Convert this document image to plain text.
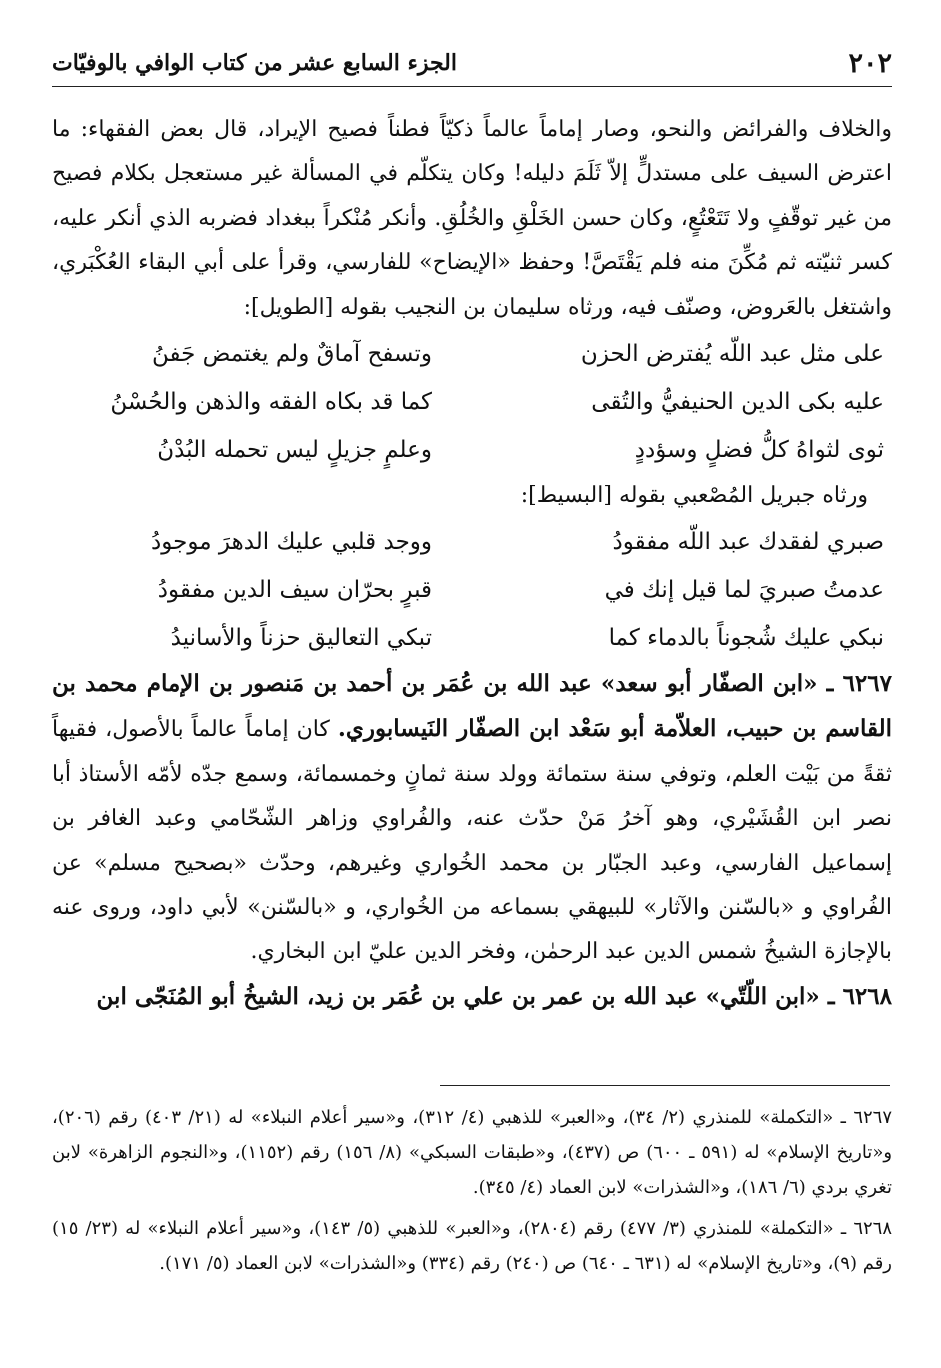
٢٠٢
الجزء السابع عشر من كتاب الوافي بالوفيّات

والخلاف والفرائض والنحو، وصار إماماً عالماً ذكيّاً فطناً فصيح الإيراد، قال بعض الفقهاء: ما اعترض السيف على مستدلٍّ إلاّ ثَلَمَ دليله! وكان يتكلّم في المسألة غير مستعجل بكلام فصيح من غير توقّفٍ ولا تَتَعْتُعٍ، وكان حسن الخَلْقِ والخُلُقِ. وأنكر مُنْكراً ببغداد فضربه الذي أنكر عليه، كسر ثنيّته ثم مُكِّنَ منه فلم يَقْتَصَّ! وحفظ «الإيضاح» للفارسي، وقرأ على أبي البقاء العُكْبَري، واشتغل بالعَروض، وصنّف فيه، ورثاه سليمان بن النجيب بقوله [الطويل]:

على مثل عبد اللّه يُفترض الحزن
وتسفح آماقٌ ولم يغتمض جَفنُ
عليه بكى الدين الحنيفيُّ والتُقى
كما قد بكاه الفقه والذهن والحُسْنُ
ثوى لثواهُ كلُّ فضلٍ وسؤددٍ
وعلمٍ جزيلٍ ليس تحمله البُدْنُ
ورثاه جبريل المُصْعبي بقوله [البسيط]:
صبري لفقدك عبد اللّه مفقودُ
ووجد قلبي عليك الدهرَ موجودُ
عدمتُ صبريَ لما قيل إنك في
قبرٍ بحرّان سيف الدين مفقودُ
نبكي عليك شُجوناً بالدماء كما
تبكي التعاليق حزناً والأسانيدُ

٦٢٦٧ ـ «ابن الصفّار أبو سعد» عبد الله بن عُمَر بن أحمد بن مَنصور بن الإمام محمد بن القاسم بن حبيب، العلاّمة أبو سَعْد ابن الصفّار النَيسابوري. كان إماماً عالماً بالأصول، فقيهاً ثقةً من بَيْت العلم، وتوفي سنة ستمائة وولد سنة ثمانٍ وخمسمائة، وسمع جدّه لأمّه الأستاذ أبا نصر ابن القُشَيْري، وهو آخرُ مَنْ حدّث عنه، والفُراوي وزاهر الشّحّامي وعبد الغافر بن إسماعيل الفارسي، وعبد الجبّار بن محمد الخُواري وغيرهم، وحدّث «بصحيح مسلم» عن الفُراوي و «بالسّنن والآثار» للبيهقي بسماعه من الخُواري، و «بالسّنن» لأبي داود، وروى عنه بالإجازة الشيخُ شمس الدين عبد الرحمٰن، وفخر الدين عليّ ابن البخاري.

٦٢٦٨ ـ «ابن اللّتّي» عبد الله بن عمر بن علي بن عُمَر بن زيد، الشيخُ أبو المُنَجّى ابن

٦٢٦٧ ـ «التكملة» للمنذري (٢/ ٣٤)، و«العبر» للذهبي (٤/ ٣١٢)، و«سير أعلام النبلاء» له (٢١/ ٤٠٣) رقم (٢٠٦)، و«تاريخ الإسلام» له (٥٩١ ـ ٦٠٠) ص (٤٣٧)، و«طبقات السبكي» (٨/ ١٥٦) رقم (١١٥٢)، و«النجوم الزاهرة» لابن تغري بردي (٦/ ١٨٦)، و«الشذرات» لابن العماد (٤/ ٣٤٥).

٦٢٦٨ ـ «التكملة» للمنذري (٣/ ٤٧٧) رقم (٢٨٠٤)، و«العبر» للذهبي (٥/ ١٤٣)، و«سير أعلام النبلاء» له (٢٣/ ١٥) رقم (٩)، و«تاريخ الإسلام» له (٦٣١ ـ ٦٤٠) ص (٢٤٠) رقم (٣٣٤) و«الشذرات» لابن العماد (٥/ ١٧١).
